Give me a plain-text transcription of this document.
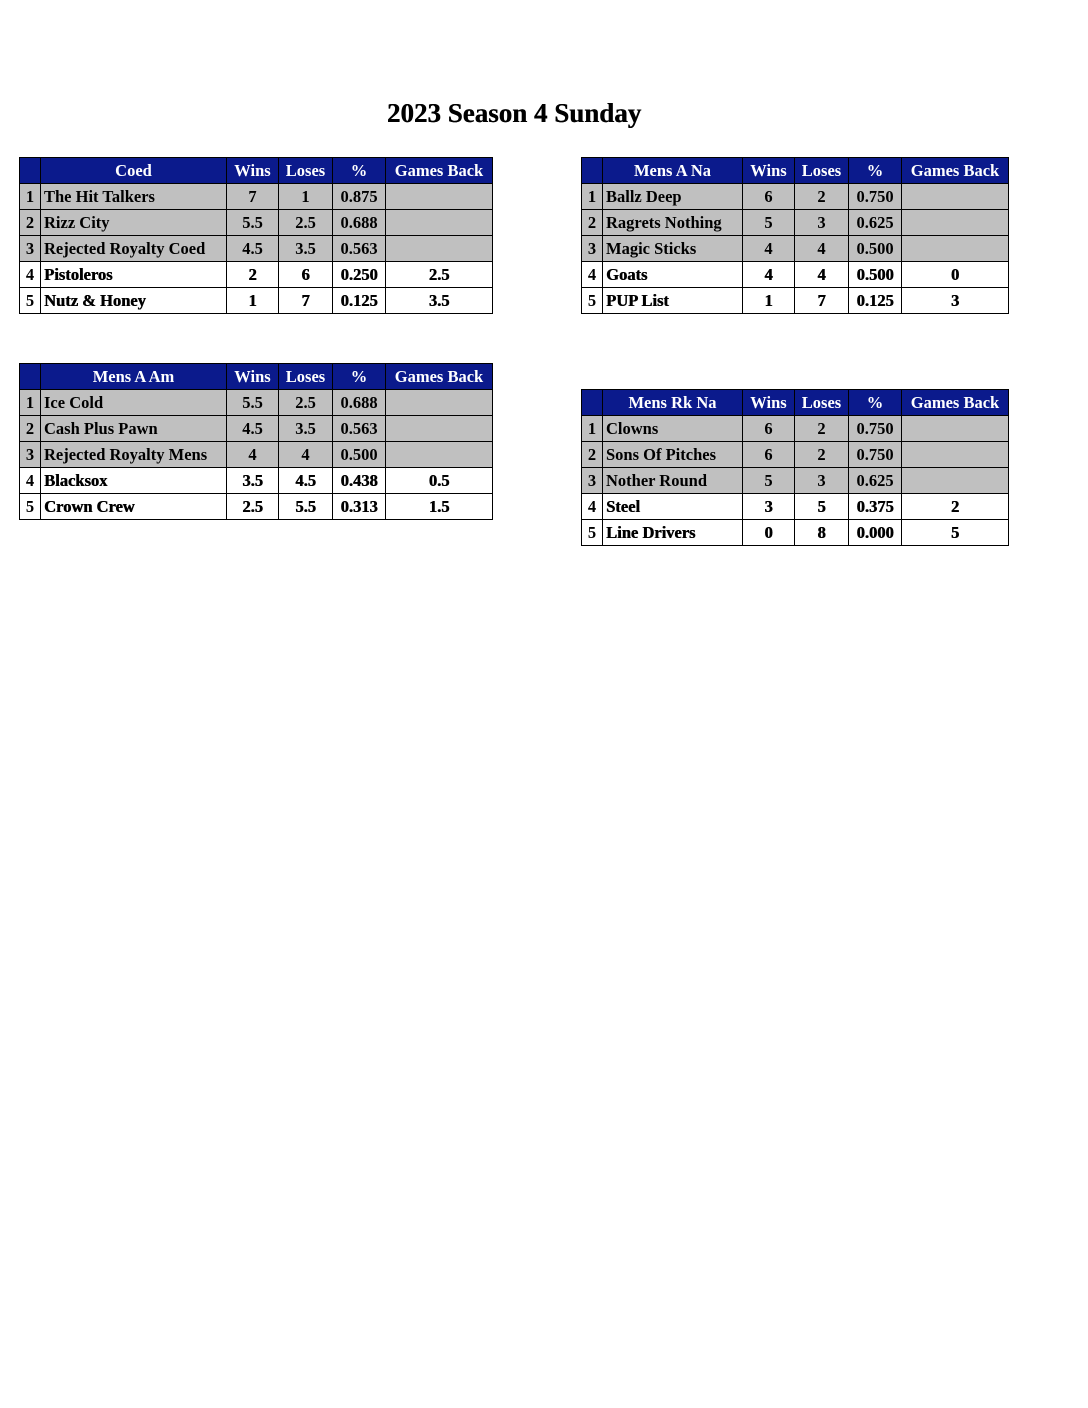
2023 Season 4 Sunday
	Coed	Wins	Loses	%	Games Back
1	The Hit Talkers	7	1	0.875	
2	Rizz City	5.5	2.5	0.688	
3	Rejected Royalty Coed	4.5	3.5	0.563	
4	Pistoleros	2	6	0.250	2.5
5	Nutz & Honey	1	7	0.125	3.5
	Mens A Na	Wins	Loses	%	Games Back
1	Ballz Deep	6	2	0.750	
2	Ragrets Nothing	5	3	0.625	
3	Magic Sticks	4	4	0.500	
4	Goats	4	4	0.500	0
5	PUP List	1	7	0.125	3
	Mens A Am	Wins	Loses	%	Games Back
1	Ice Cold	5.5	2.5	0.688	
2	Cash Plus Pawn	4.5	3.5	0.563	
3	Rejected Royalty Mens	4	4	0.500	
4	Blacksox	3.5	4.5	0.438	0.5
5	Crown Crew	2.5	5.5	0.313	1.5
	Mens Rk Na	Wins	Loses	%	Games Back
1	Clowns	6	2	0.750	
2	Sons Of Pitches	6	2	0.750	
3	Nother Round	5	3	0.625	
4	Steel	3	5	0.375	2
5	Line Drivers	0	8	0.000	5
